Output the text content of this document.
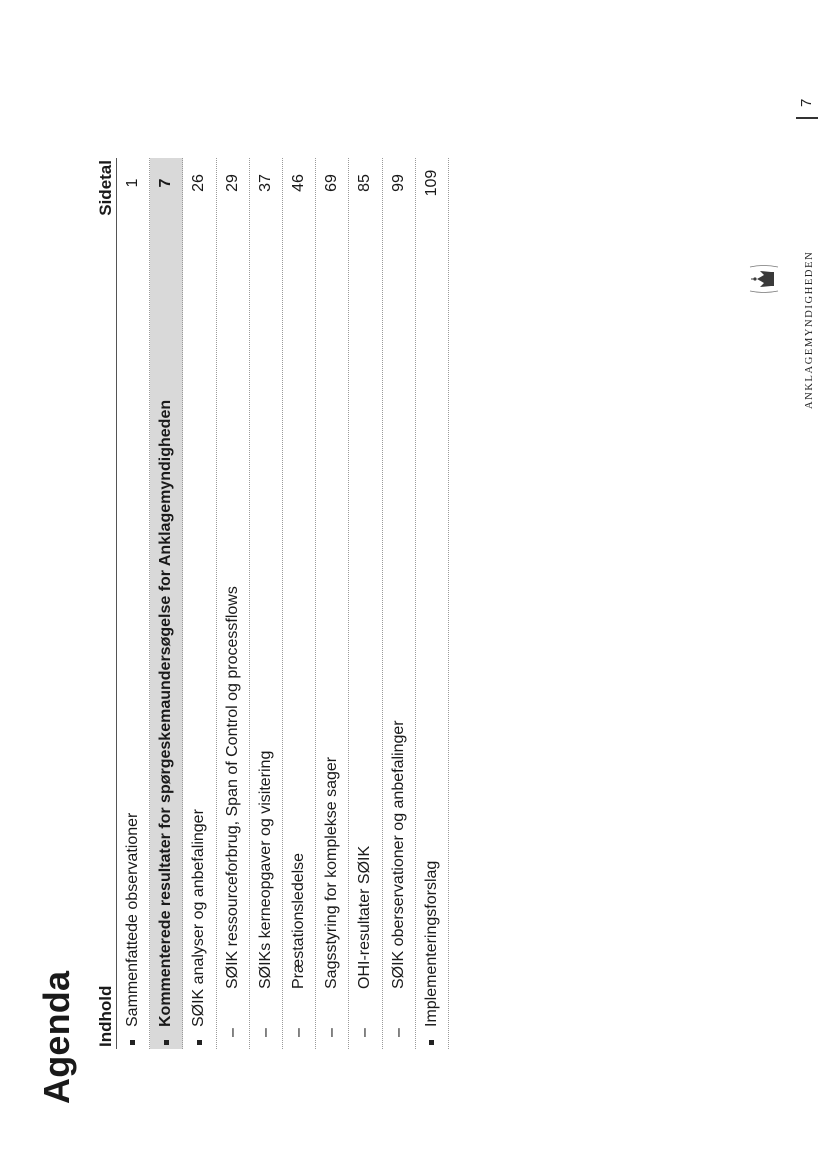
Agenda Indhold
Sidetal
Sammenfattede observationer
1
Kommenterede resultater for spørgeskemaundersøgelse for Anklagemyndigheden
7
SØIK analyser og anbefalinger
26
–
SØIK ressourceforbrug, Span of Control og processflows
29
–
SØIKs kerneopgaver og visitering
37
–
Præstationsledelse
46
–
Sagsstyring for komplekse sager
69
–
OHI-resultater SØIK
85
–
SØIK oberservationer og anbefalinger
99
Implementeringsforslag
109
ANKLAGEMYNDIGHEDEN
7
